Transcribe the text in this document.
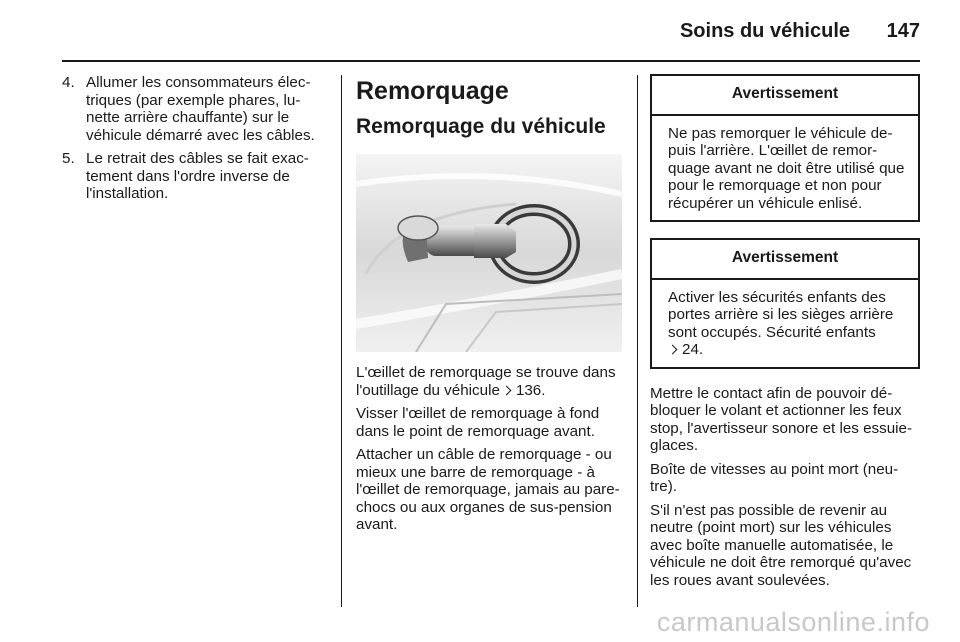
Soins du véhicule	147
4. Allumer les consommateurs élec-triques (par exemple phares, lu-nette arrière chauffante) sur le véhicule démarré avec les câbles.
5. Le retrait des câbles se fait exac-tement dans l'ordre inverse de l'installation.
Remorquage
Remorquage du véhicule
L'œillet de remorquage se trouve dans l'outillage du véhicule 136.
Visser l'œillet de remorquage à fond dans le point de remorquage avant.
Attacher un câble de remorquage - ou mieux une barre de remorquage - à l'œillet de remorquage, jamais au pare-chocs ou aux organes de sus-pension avant.
Avertissement
Ne pas remorquer le véhicule de-puis l'arrière. L'œillet de remor-quage avant ne doit être utilisé que pour le remorquage et non pour récupérer un véhicule enlisé.
Avertissement
Activer les sécurités enfants des portes arrière si les sièges arrière sont occupés. Sécurité enfants
24.
Mettre le contact afin de pouvoir dé-bloquer le volant et actionner les feux stop, l'avertisseur sonore et les essuie-glaces.
Boîte de vitesses au point mort (neu-tre).
S'il n'est pas possible de revenir au neutre (point mort) sur les véhicules avec boîte manuelle automatisée, le véhicule ne doit être remorqué qu'avec les roues avant soulevées.
carmanualsonline.info
